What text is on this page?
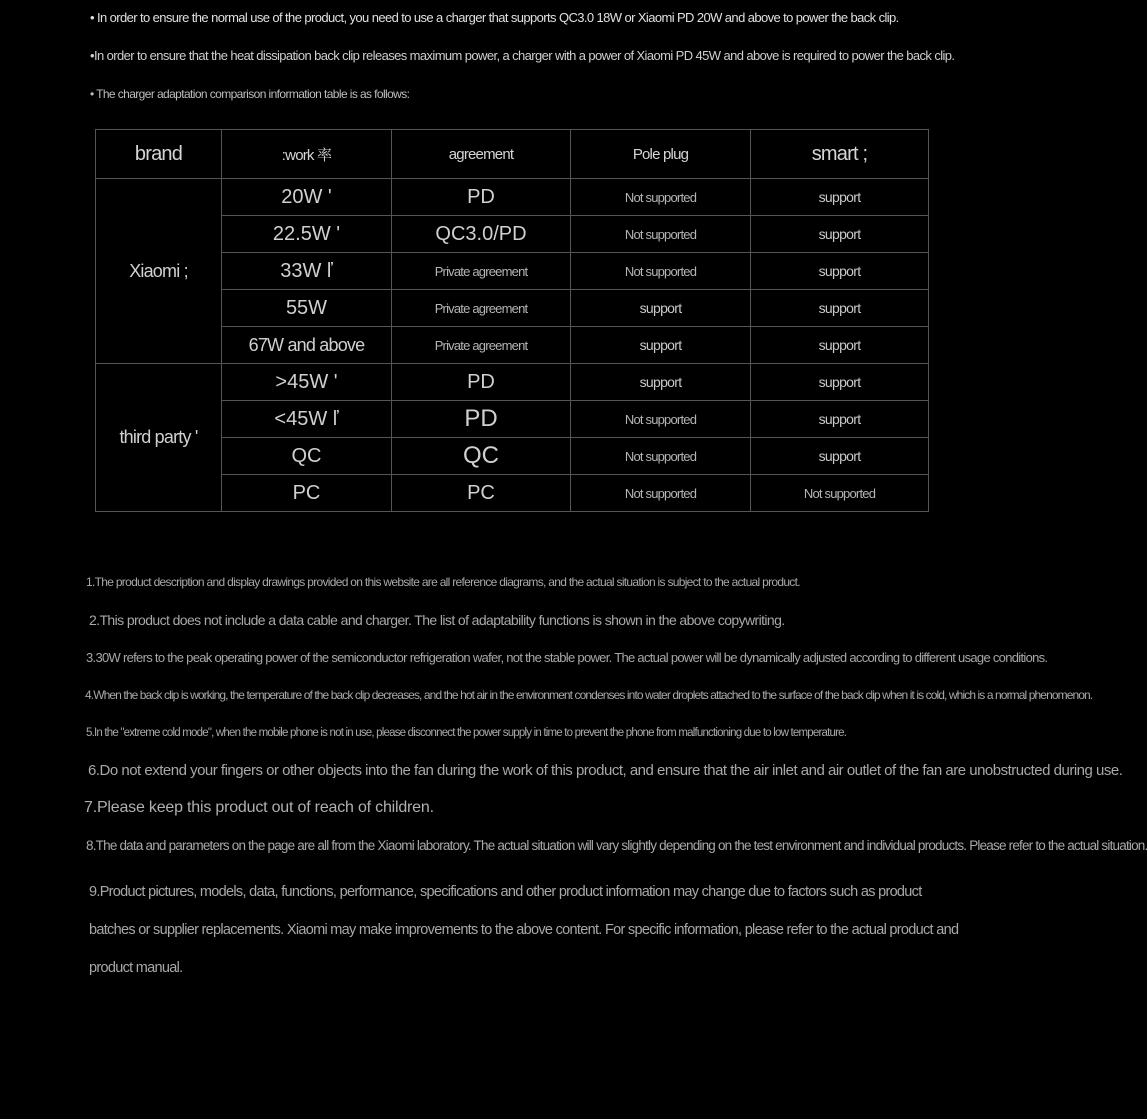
• In order to ensure the normal use of the product, you need to use a charger that supports QC3.0 18W or Xiaomi PD 20W and above to power the back clip.
•In order to ensure that the heat dissipation back clip releases maximum power, a charger with a power of Xiaomi PD 45W and above is required to power the back clip.
• The charger adaptation comparison information table is as follows:
brand	:work 率	agreement	Pole plug	smart ;
Xiaomi ;	20W '	PD	Not supported	support
	22.5W '	QC3.0/PD	Not supported	support
	33W ľ	Private agreement	Not supported	support
	55W	Private agreement	support	support
	67W and above	Private agreement	support	support
third party '	>45W '	PD	support	support
	<45W ľ	PD	Not supported	support
	QC	QC	Not supported	support
	PC	PC	Not supported	Not supported
1.The product description and display drawings provided on this website are all reference diagrams, and the actual situation is subject to the actual product.
2.This product does not include a data cable and charger. The list of adaptability functions is shown in the above copywriting.
3.30W refers to the peak operating power of the semiconductor refrigeration wafer, not the stable power. The actual power will be dynamically adjusted according to different usage conditions.
4.When the back clip is working, the temperature of the back clip decreases, and the hot air in the environment condenses into water droplets attached to the surface of the back clip when it is cold, which is a normal phenomenon.
5.In the "extreme cold mode", when the mobile phone is not in use, please disconnect the power supply in time to prevent the phone from malfunctioning due to low temperature.
6.Do not extend your fingers or other objects into the fan during the work of this product, and ensure that the air inlet and air outlet of the fan are unobstructed during use.
7.Please keep this product out of reach of children.
8.The data and parameters on the page are all from the Xiaomi laboratory. The actual situation will vary slightly depending on the test environment and individual products. Please refer to the actual situation.
9.Product pictures, models, data, functions, performance, specifications and other product information may change due to factors such as product batches or supplier replacements. Xiaomi may make improvements to the above content. For specific information, please refer to the actual product and product manual.
